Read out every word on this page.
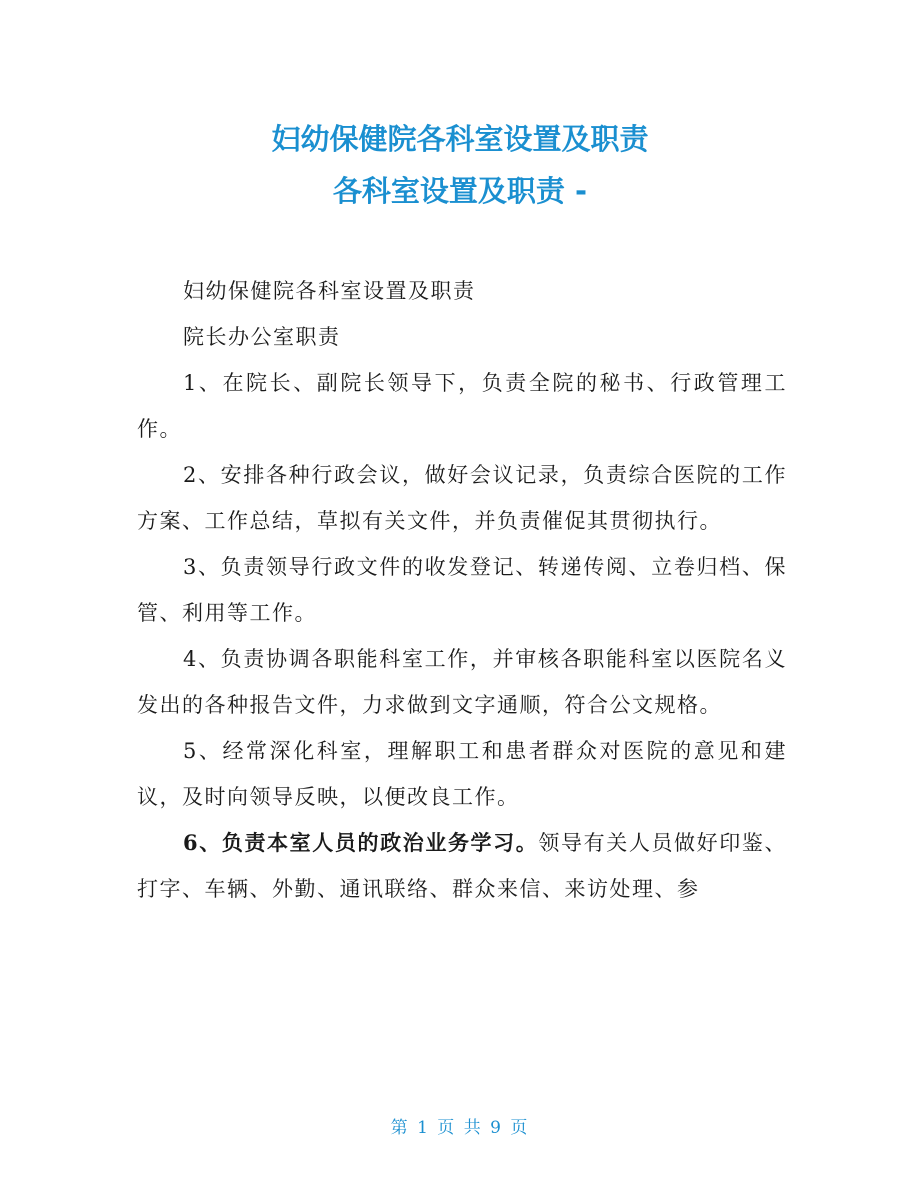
妇幼保健院各科室设置及职责
各科室设置及职责 -

妇幼保健院各科室设置及职责

院长办公室职责

1、在院长、副院长领导下，负责全院的秘书、行政管理工作。

2、安排各种行政会议，做好会议记录，负责综合医院的工作方案、工作总结，草拟有关文件，并负责催促其贯彻执行。

3、负责领导行政文件的收发登记、转递传阅、立卷归档、保管、利用等工作。

4、负责协调各职能科室工作，并审核各职能科室以医院名义发出的各种报告文件，力求做到文字通顺，符合公文规格。

5、经常深化科室，理解职工和患者群众对医院的意见和建议，及时向领导反映，以便改良工作。

6、负责本室人员的政治业务学习。领导有关人员做好印鉴、打字、车辆、外勤、通讯联络、群众来信、来访处理、参

第 1 页 共 9 页
